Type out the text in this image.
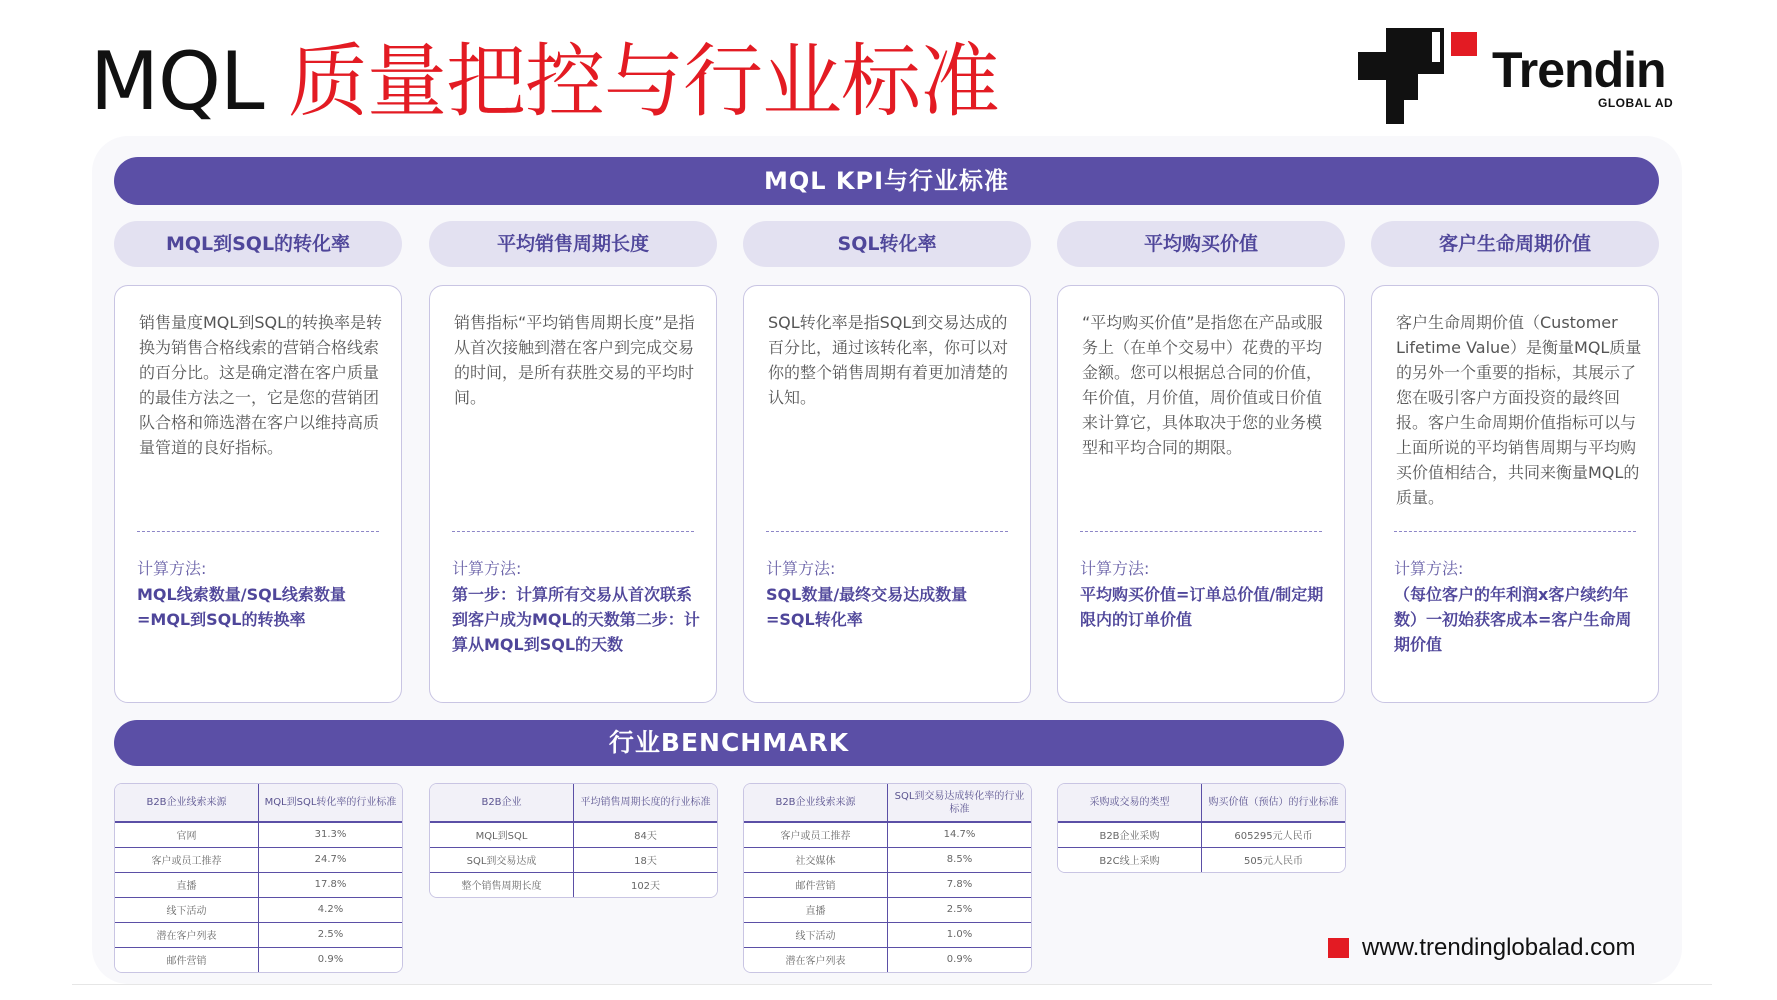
MQL 质量把控与行业标准	Trendin
GLOBAL AD
MQL KPI与行业标准
MQL到SQL的转化率	平均销售周期长度	SQL转化率	平均购买价值	客户生命周期价值
销售量度MQL到SQL的转换率是转换为销售合格线索的营销合格线索的百分比。这是确定潜在客户质量的最佳方法之一，它是您的营销团队合格和筛选潜在客户以维持高质量管道的良好指标。
计算方法:
MQL线索数量/SQL线索数量=MQL到SQL的转换率
销售指标“平均销售周期长度”是指从首次接触到潜在客户到完成交易的时间，是所有获胜交易的平均时间。
计算方法:
第一步：计算所有交易从首次联系到客户成为MQL的天数第二步：计算从MQL到SQL的天数
SQL转化率是指SQL到交易达成的百分比，通过该转化率，你可以对你的整个销售周期有着更加清楚的认知。
计算方法:
SQL数量/最终交易达成数量=SQL转化率
“平均购买价值”是指您在产品或服务上（在单个交易中）花费的平均金额。您可以根据总合同的价值，年价值，月价值，周价值或日价值来计算它，具体取决于您的业务模型和平均合同的期限。
计算方法:
平均购买价值=订单总价值/制定期限内的订单价值
客户生命周期价值（Customer Lifetime Value）是衡量MQL质量的另外一个重要的指标，其展示了您在吸引客户方面投资的最终回报。客户生命周期价值指标可以与上面所说的平均销售周期与平均购买价值相结合，共同来衡量MQL的质量。
计算方法:
（每位客户的年利润x客户续约年数）一初始获客成本=客户生命周期价值
行业BENCHMARK
B2B企业线索来源	MQL到SQL转化率的行业标准
官网	31.3%
客户或员工推荐	24.7%
直播	17.8%
线下活动	4.2%
潜在客户列表	2.5%
邮件营销	0.9%
B2B企业	平均销售周期长度的行业标准
MQL到SQL	84天
SQL到交易达成	18天
整个销售周期长度	102天
B2B企业线索来源	SQL到交易达成转化率的行业标准
客户或员工推荐	14.7%
社交媒体	8.5%
邮件营销	7.8%
直播	2.5%
线下活动	1.0%
潜在客户列表	0.9%
采购或交易的类型	购买价值（预估）的行业标准
B2B企业采购	605295元人民币
B2C线上采购	505元人民币
www.trendinglobalad.com
